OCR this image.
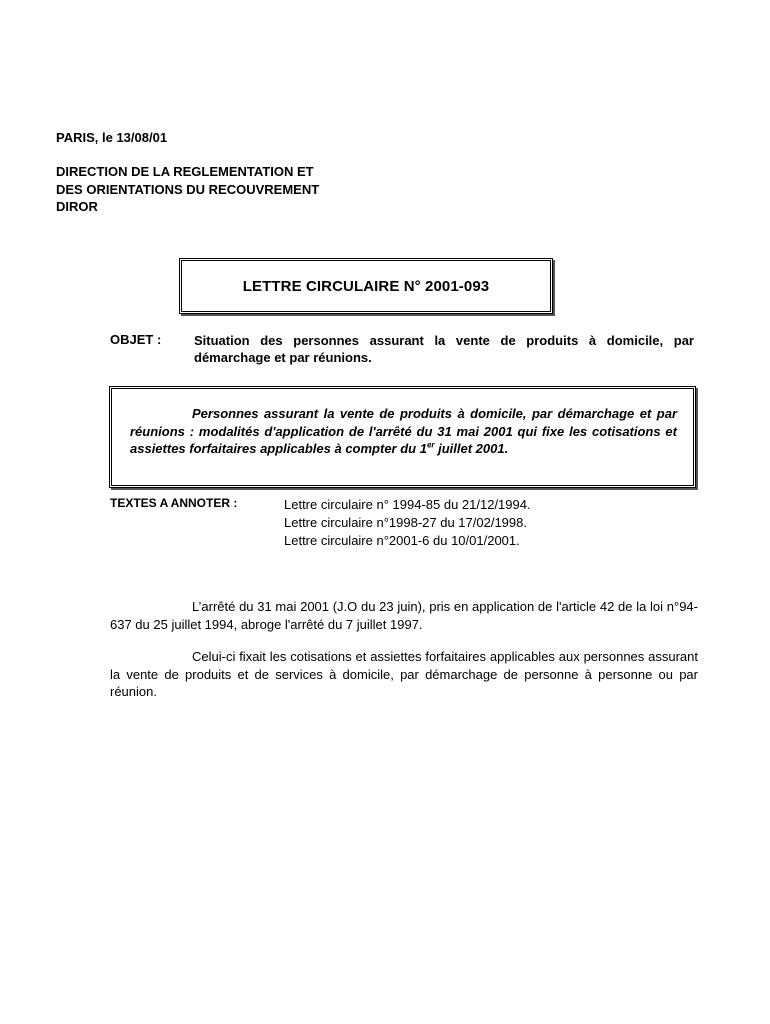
PARIS, le 13/08/01
DIRECTION DE LA REGLEMENTATION ET
DES ORIENTATIONS DU RECOUVREMENT
DIROR
LETTRE CIRCULAIRE N° 2001-093
OBJET :	Situation des personnes assurant la vente de produits à domicile, par démarchage et par réunions.
Personnes assurant la vente de produits à domicile, par démarchage et par réunions : modalités d'application de l'arrêté du 31 mai 2001 qui fixe les cotisations et assiettes forfaitaires applicables à compter du 1er juillet 2001.
TEXTES A ANNOTER :	Lettre circulaire n° 1994-85 du 21/12/1994.
Lettre circulaire n°1998-27 du 17/02/1998.
Lettre circulaire n°2001-6 du 10/01/2001.
L’arrêté du 31 mai 2001 (J.O du 23 juin), pris en application de l'article 42 de la loi n°94-637 du 25 juillet 1994, abroge l'arrêté du 7 juillet 1997.
Celui-ci fixait les cotisations et assiettes forfaitaires applicables aux personnes assurant la vente de produits et de services à domicile, par démarchage de personne à personne ou par réunion.
